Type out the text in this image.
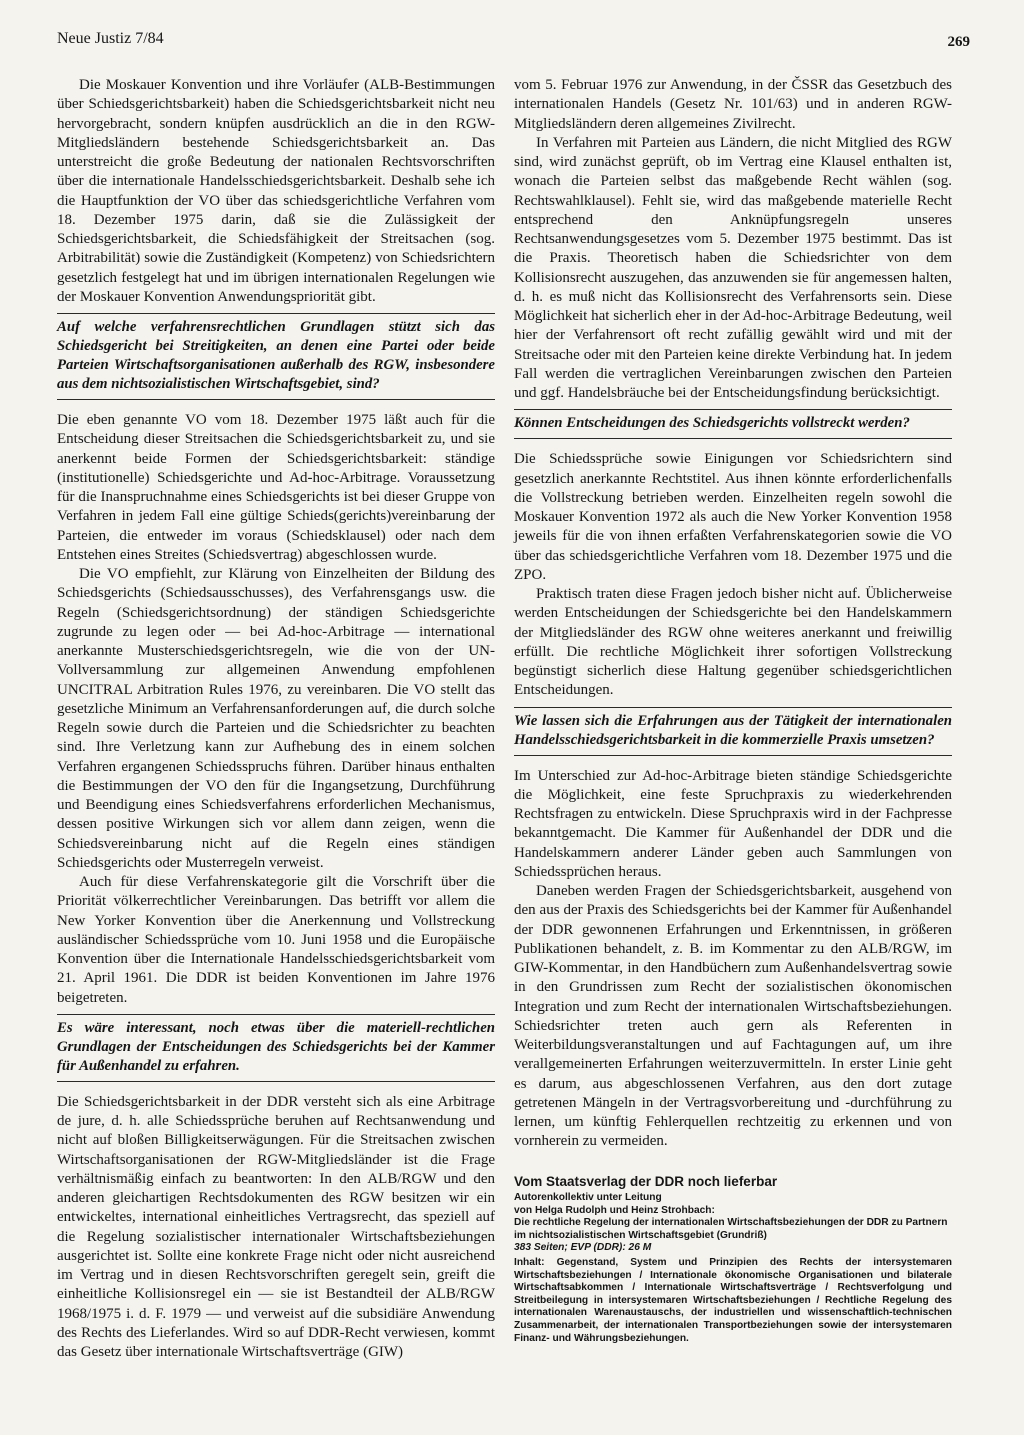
Neue Justiz 7/84	269

Die Moskauer Konvention und ihre Vorläufer (ALB-Bestimmungen über Schiedsgerichtsbarkeit) haben die Schiedsgerichtsbarkeit nicht neu hervorgebracht, sondern knüpfen ausdrücklich an die in den RGW-Mitgliedsländern bestehende Schiedsgerichtsbarkeit an. Das unterstreicht die große Bedeutung der nationalen Rechtsvorschriften über die internationale Handelsschiedsgerichtsbarkeit. Deshalb sehe ich die Hauptfunktion der VO über das schiedsgerichtliche Verfahren vom 18. Dezember 1975 darin, daß sie die Zulässigkeit der Schiedsgerichtsbarkeit, die Schiedsfähigkeit der Streitsachen (sog. Arbitrabilität) sowie die Zuständigkeit (Kompetenz) von Schiedsrichtern gesetzlich festgelegt hat und im übrigen internationalen Regelungen wie der Moskauer Konvention Anwendungspriorität gibt.

Auf welche verfahrensrechtlichen Grundlagen stützt sich das Schiedsgericht bei Streitigkeiten, an denen eine Partei oder beide Parteien Wirtschaftsorganisationen außerhalb des RGW, insbesondere aus dem nichtsozialistischen Wirtschaftsgebiet, sind?

Die eben genannte VO vom 18. Dezember 1975 läßt auch für die Entscheidung dieser Streitsachen die Schiedsgerichtsbarkeit zu, und sie anerkennt beide Formen der Schiedsgerichtsbarkeit: ständige (institutionelle) Schiedsgerichte und Ad-hoc-Arbitrage. Voraussetzung für die Inanspruchnahme eines Schiedsgerichts ist bei dieser Gruppe von Verfahren in jedem Fall eine gültige Schieds(gerichts)vereinbarung der Parteien, die entweder im voraus (Schiedsklausel) oder nach dem Entstehen eines Streites (Schiedsvertrag) abgeschlossen wurde.

Die VO empfiehlt, zur Klärung von Einzelheiten der Bildung des Schiedsgerichts (Schiedsausschusses), des Verfahrensgangs usw. die Regeln (Schiedsgerichtsordnung) der ständigen Schiedsgerichte zugrunde zu legen oder — bei Ad-hoc-Arbitrage — international anerkannte Musterschiedsgerichtsregeln, wie die von der UN-Vollversammlung zur allgemeinen Anwendung empfohlenen UNCITRAL Arbitration Rules 1976, zu vereinbaren. Die VO stellt das gesetzliche Minimum an Verfahrensanforderungen auf, die durch solche Regeln sowie durch die Parteien und die Schiedsrichter zu beachten sind. Ihre Verletzung kann zur Aufhebung des in einem solchen Verfahren ergangenen Schiedsspruchs führen. Darüber hinaus enthalten die Bestimmungen der VO den für die Ingangsetzung, Durchführung und Beendigung eines Schiedsverfahrens erforderlichen Mechanismus, dessen positive Wirkungen sich vor allem dann zeigen, wenn die Schiedsvereinbarung nicht auf die Regeln eines ständigen Schiedsgerichts oder Musterregeln verweist.

Auch für diese Verfahrenskategorie gilt die Vorschrift über die Priorität völkerrechtlicher Vereinbarungen. Das betrifft vor allem die New Yorker Konvention über die Anerkennung und Vollstreckung ausländischer Schiedssprüche vom 10. Juni 1958 und die Europäische Konvention über die Internationale Handelsschiedsgerichtsbarkeit vom 21. April 1961. Die DDR ist beiden Konventionen im Jahre 1976 beigetreten.

Es wäre interessant, noch etwas über die materiell-rechtlichen Grundlagen der Entscheidungen des Schiedsgerichts bei der Kammer für Außenhandel zu erfahren.

Die Schiedsgerichtsbarkeit in der DDR versteht sich als eine Arbitrage de jure, d. h. alle Schiedssprüche beruhen auf Rechtsanwendung und nicht auf bloßen Billigkeitserwägungen. Für die Streitsachen zwischen Wirtschaftsorganisationen der RGW-Mitgliedsländer ist die Frage verhältnismäßig einfach zu beantworten: In den ALB/RGW und den anderen gleichartigen Rechtsdokumenten des RGW besitzen wir ein entwickeltes, international einheitliches Vertragsrecht, das speziell auf die Regelung sozialistischer internationaler Wirtschaftsbeziehungen ausgerichtet ist. Sollte eine konkrete Frage nicht oder nicht ausreichend im Vertrag und in diesen Rechtsvorschriften geregelt sein, greift die einheitliche Kollisionsregel ein — sie ist Bestandteil der ALB/RGW 1968/1975 i. d. F. 1979 — und verweist auf die subsidiäre Anwendung des Rechts des Lieferlandes. Wird so auf DDR-Recht verwiesen, kommt das Gesetz über internationale Wirtschaftsverträge (GIW)

vom 5. Februar 1976 zur Anwendung, in der ČSSR das Gesetzbuch des internationalen Handels (Gesetz Nr. 101/63) und in anderen RGW-Mitgliedsländern deren allgemeines Zivilrecht.

In Verfahren mit Parteien aus Ländern, die nicht Mitglied des RGW sind, wird zunächst geprüft, ob im Vertrag eine Klausel enthalten ist, wonach die Parteien selbst das maßgebende Recht wählen (sog. Rechtswahlklausel). Fehlt sie, wird das maßgebende materielle Recht entsprechend den Anknüpfungsregeln unseres Rechtsanwendungsgesetzes vom 5. Dezember 1975 bestimmt. Das ist die Praxis. Theoretisch haben die Schiedsrichter von dem Kollisionsrecht auszugehen, das anzuwenden sie für angemessen halten, d. h. es muß nicht das Kollisionsrecht des Verfahrensorts sein. Diese Möglichkeit hat sicherlich eher in der Ad-hoc-Arbitrage Bedeutung, weil hier der Verfahrensort oft recht zufällig gewählt wird und mit der Streitsache oder mit den Parteien keine direkte Verbindung hat. In jedem Fall werden die vertraglichen Vereinbarungen zwischen den Parteien und ggf. Handelsbräuche bei der Entscheidungsfindung berücksichtigt.

Können Entscheidungen des Schiedsgerichts vollstreckt werden?

Die Schiedssprüche sowie Einigungen vor Schiedsrichtern sind gesetzlich anerkannte Rechtstitel. Aus ihnen könnte erforderlichenfalls die Vollstreckung betrieben werden. Einzelheiten regeln sowohl die Moskauer Konvention 1972 als auch die New Yorker Konvention 1958 jeweils für die von ihnen erfaßten Verfahrenskategorien sowie die VO über das schiedsgerichtliche Verfahren vom 18. Dezember 1975 und die ZPO.

Praktisch traten diese Fragen jedoch bisher nicht auf. Üblicherweise werden Entscheidungen der Schiedsgerichte bei den Handelskammern der Mitgliedsländer des RGW ohne weiteres anerkannt und freiwillig erfüllt. Die rechtliche Möglichkeit ihrer sofortigen Vollstreckung begünstigt sicherlich diese Haltung gegenüber schiedsgerichtlichen Entscheidungen.

Wie lassen sich die Erfahrungen aus der Tätigkeit der internationalen Handelsschiedsgerichtsbarkeit in die kommerzielle Praxis umsetzen?

Im Unterschied zur Ad-hoc-Arbitrage bieten ständige Schiedsgerichte die Möglichkeit, eine feste Spruchpraxis zu wiederkehrenden Rechtsfragen zu entwickeln. Diese Spruchpraxis wird in der Fachpresse bekanntgemacht. Die Kammer für Außenhandel der DDR und die Handelskammern anderer Länder geben auch Sammlungen von Schiedssprüchen heraus.

Daneben werden Fragen der Schiedsgerichtsbarkeit, ausgehend von den aus der Praxis des Schiedsgerichts bei der Kammer für Außenhandel der DDR gewonnenen Erfahrungen und Erkenntnissen, in größeren Publikationen behandelt, z. B. im Kommentar zu den ALB/RGW, im GIW-Kommentar, in den Handbüchern zum Außenhandelsvertrag sowie in den Grundrissen zum Recht der sozialistischen ökonomischen Integration und zum Recht der internationalen Wirtschaftsbeziehungen. Schiedsrichter treten auch gern als Referenten in Weiterbildungsveranstaltungen und auf Fachtagungen auf, um ihre verallgemeinerten Erfahrungen weiterzuvermitteln. In erster Linie geht es darum, aus abgeschlossenen Verfahren, aus den dort zutage getretenen Mängeln in der Vertragsvorbereitung und -durchführung zu lernen, um künftig Fehlerquellen rechtzeitig zu erkennen und von vornherein zu vermeiden.

Vom Staatsverlag der DDR noch lieferbar
Autorenkollektiv unter Leitung
von Helga Rudolph und Heinz Strohbach:
Die rechtliche Regelung der internationalen Wirtschaftsbeziehungen der DDR zu Partnern im nichtsozialistischen Wirtschaftsgebiet (Grundriß)
383 Seiten; EVP (DDR): 26 M
Inhalt: Gegenstand, System und Prinzipien des Rechts der intersystemaren Wirtschaftsbeziehungen / Internationale ökonomische Organisationen und bilaterale Wirtschaftsabkommen / Internationale Wirtschaftsverträge / Rechtsverfolgung und Streitbeilegung in intersystemaren Wirtschaftsbeziehungen / Rechtliche Regelung des internationalen Warenaustauschs, der industriellen und wissenschaftlich-technischen Zusammenarbeit, der internationalen Transportbeziehungen sowie der intersystemaren Finanz- und Währungsbeziehungen.
